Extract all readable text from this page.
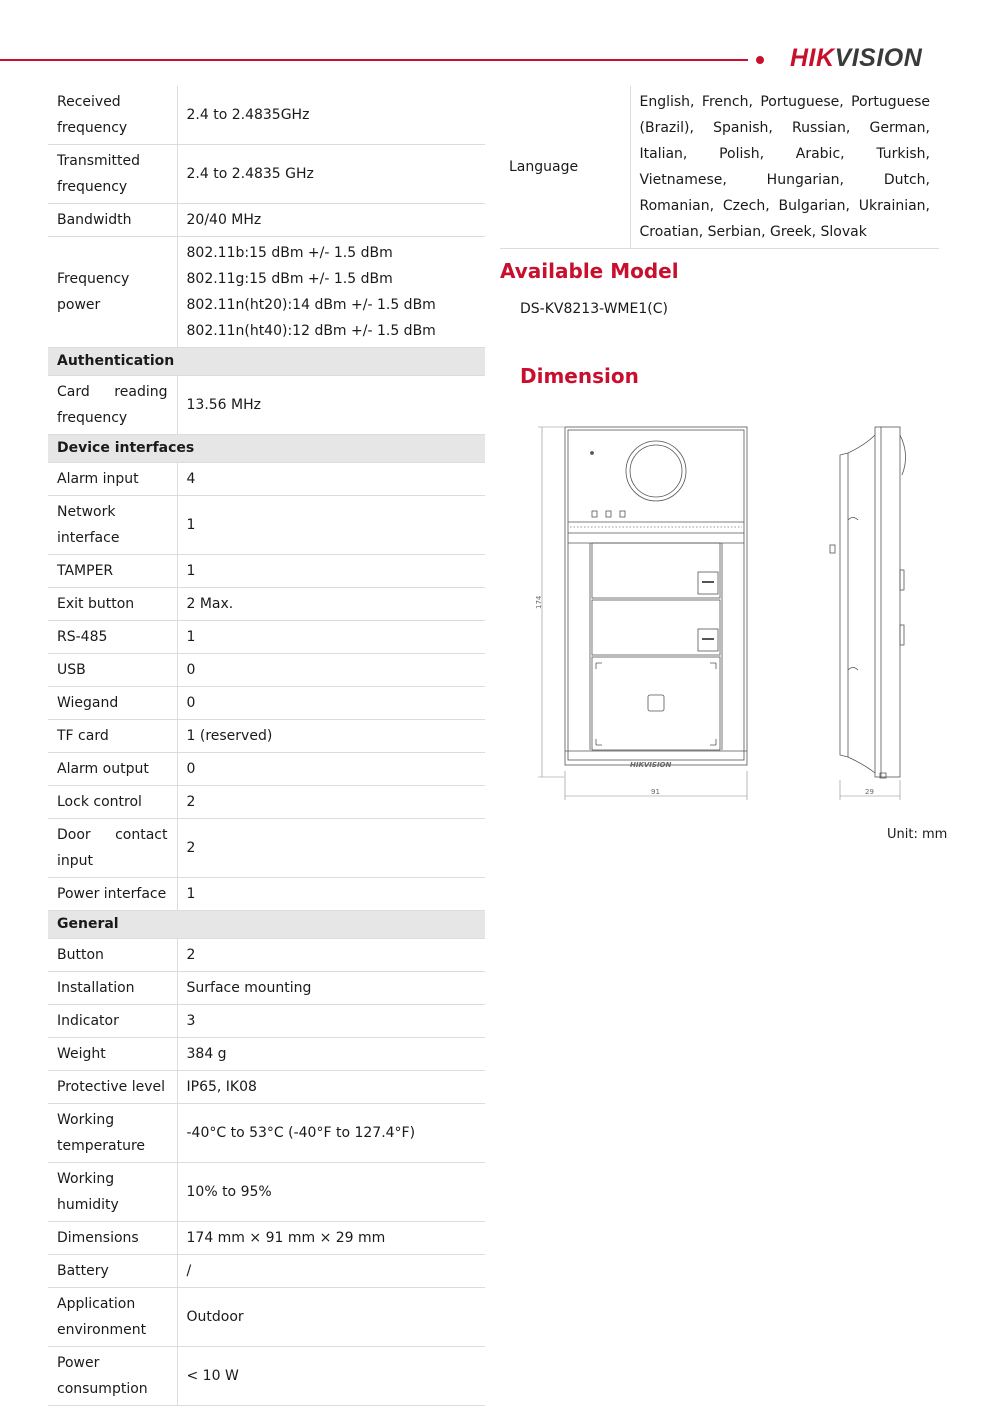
HIKVISION
Received frequency	2.4 to 2.4835GHz
Transmitted frequency	2.4 to 2.4835 GHz
Bandwidth	20/40 MHz
Frequency power	802.11b:15 dBm +/- 1.5 dBm
802.11g:15 dBm +/- 1.5 dBm
802.11n(ht20):14 dBm +/- 1.5 dBm
802.11n(ht40):12 dBm +/- 1.5 dBm

Authentication	
Card reading frequency	13.56 MHz
Device interfaces	
Alarm input	4
Network interface	1
TAMPER	1
Exit button	2 Max.
RS-485	1
USB	0
Wiegand	0
TF card	1 (reserved)
Alarm output	0
Lock control	2
Door contact input	2
Power interface	1
General	
Button	2
Installation	Surface mounting
Indicator	3
Weight	384 g
Protective level	IP65, IK08
Working temperature	-40°C to 53°C (-40°F to 127.4°F)
Working humidity	10% to 95%
Dimensions	174 mm × 91 mm × 29 mm
Battery	/
Application environment	Outdoor
Power consumption	< 10 W
Language	English, French, Portuguese, Portuguese (Brazil), Spanish, Russian, German, Italian, Polish, Arabic, Turkish, Vietnamese, Hungarian, Dutch, Romanian, Czech, Bulgarian, Ukrainian, Croatian, Serbian, Greek, Slovak
Available Model
DS-KV8213-WME1(C)
Dimension
HIKVISION
174
91	29
Unit: mm
